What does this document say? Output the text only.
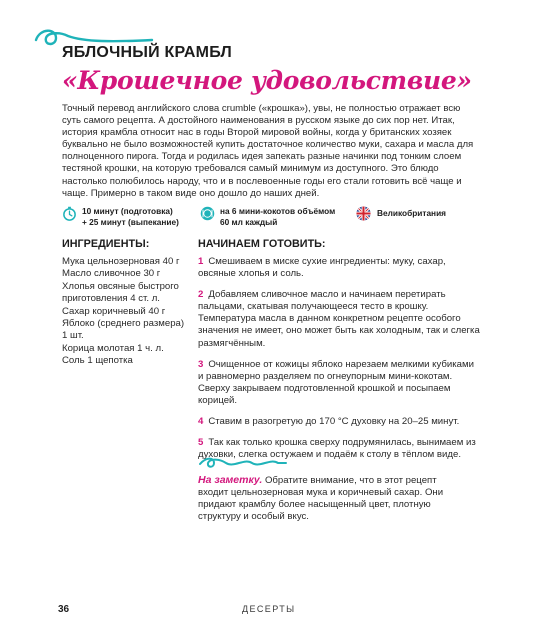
ЯБЛОЧНЫЙ КРАМБЛ
«Крошечное удовольствие»
Точный перевод английского слова crumble («крошка»), увы, не полностью отражает всю суть самого рецепта. А достойного наименования в русском языке до сих пор нет. Итак, история крамбла относит нас в годы Второй мировой войны, когда у британских хозяек буквально не было возможностей купить достаточное количество муки, сахара и масла для полноценного пирога. Тогда и родилась идея запекать разные начинки под тонким слоем тестяной крошки, на которую требовался самый минимум из доступного. Это блюдо настолько полюбилось народу, что и в послевоенные годы его стали готовить всё чаще и чаще. Примерно в таком виде оно дошло до наших дней.
10 минут (подготовка)
+ 25 минут (выпекание)
на 6 мини-кокотов объёмом
60 мл каждый
Великобритания
ИНГРЕДИЕНТЫ:
Мука цельнозерновая 40 г
Масло сливочное 30 г
Хлопья овсяные быстрого
приготовления 4 ст. л.
Сахар коричневый 40 г
Яблоко (среднего размера)
1 шт.
Корица молотая 1 ч. л.
Соль 1 щепотка
НАЧИНАЕМ ГОТОВИТЬ:
1 Смешиваем в миске сухие ингредиенты: муку, сахар, овсяные хлопья и соль.
2 Добавляем сливочное масло и начинаем перетирать пальцами, скатывая получающееся тесто в крошку. Температура масла в данном конкретном рецепте особого значения не имеет, оно может быть как холодным, так и слегка размягчённым.
3 Очищенное от кожицы яблоко нарезаем мелкими кубиками и равномерно разделяем по огнеупорным мини-кокотам. Сверху закрываем подготовленной крошкой и посыпаем корицей.
4 Ставим в разогретую до 170 °С духовку на 20–25 минут.
5 Так как только крошка сверху подрумянилась, вынимаем из духовки, слегка остужаем и подаём к столу в тёплом виде.
На заметку. Обратите внимание, что в этот рецепт входит цельнозерновая мука и коричневый сахар. Они придают крамблу более насыщенный цвет, плотную структуру и особый вкус.
36	ДЕСЕРТЫ
